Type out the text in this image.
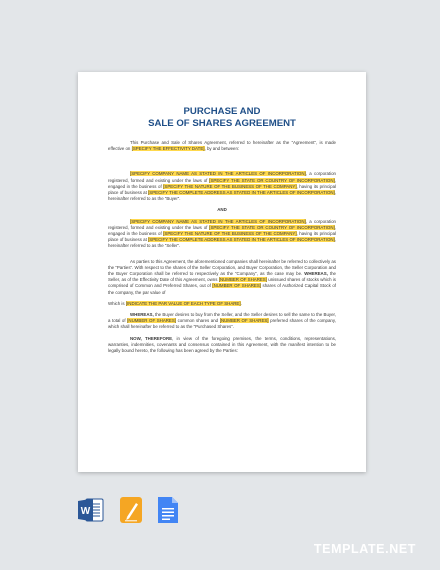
PURCHASE AND
SALE OF SHARES AGREEMENT

This Purchase and Sale of Shares Agreement, referred to hereinafter as the “Agreement”, is made effective on [SPECIFY THE EFFECTIVITY DATE], by and between:

[SPECIFY COMPANY NAME AS STATED IN THE ARTICLES OF INCORPORATION], a corporation registered, formed and existing under the laws of [SPECIFY THE STATE OR COUNTRY OF INCORPORATION], engaged in the business of [SPECIFY THE NATURE OF THE BUSINESS OF THE COMPANY], having its principal place of business at [SPECIFY THE COMPLETE ADDRESS AS STATED IN THE ARTICLES OF INCORPORATION], hereinafter referred to as the “Buyer”.

AND

[SPECIFY COMPANY NAME AS STATED IN THE ARTICLES OF INCORPORATION], a corporation registered, formed and existing under the laws of [SPECIFY THE STATE OR COUNTRY OF INCORPORATION], engaged in the business of [SPECIFY THE NATURE OF THE BUSINESS OF THE COMPANY], having its principal place of business at [SPECIFY THE COMPLETE ADDRESS AS STATED IN THE ARTICLES OF INCORPORATION], hereinafter referred to as the “Seller”.

As parties to this Agreement, the aforementioned companies shall hereinafter be referred to collectively as the “Parties”. With respect to the shares of the Seller Corporation, and Buyer Corporation, the Seller Corporation and the Buyer Corporation shall be referred to respectively as the “Company”, as the case may be. WHEREAS, the Seller, as of the Effectivity Date of this Agreement, owns [NUMBER OF SHARES] unissued shares of stocks which is comprised of Common and Preferred Shares, out of [NUMBER OF SHARES] shares of Authorized Capital Stock of the company, the par value of

Which is [INDICATE THE PAR VALUE OF EACH TYPE OF SHARE].

WHEREAS, the Buyer desires to buy from the Seller, and the Seller desires to sell the same to the Buyer, a total of [NUMBER OF SHARES] common shares and [NUMBER OF SHARES] preferred shares of the company, which shall hereinafter be referred to as the “Purchased Shares”.

NOW, THEREFORE, in view of the foregoing premises, the terms, conditions, representations, warranties, indemnities, covenants and consensus contained in this Agreement, with the manifest intention to be legally bound hereto, the following has been agreed by the Parties:

W
TEMPLATE.NET
